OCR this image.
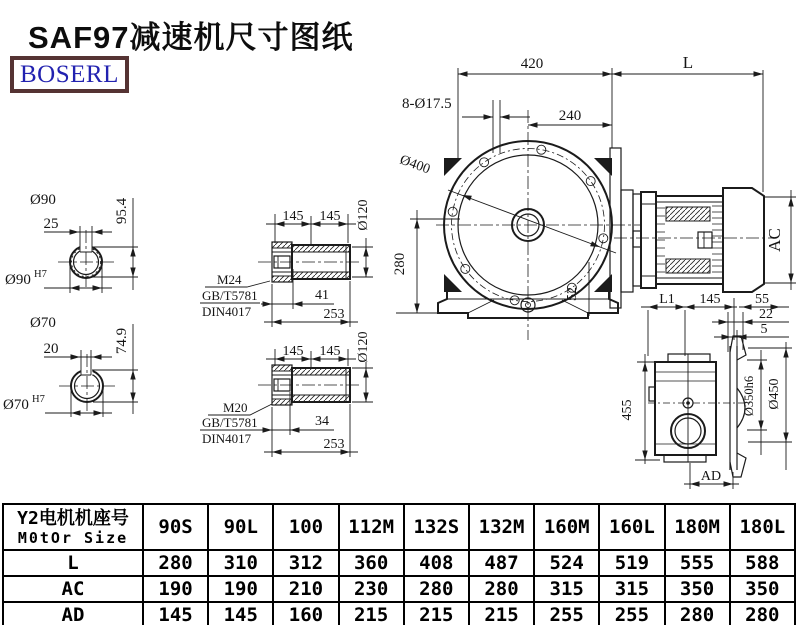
SAF97减速机尺寸图纸
BOSERL
Ø90
25	95.4
Ø90 H7
Ø70
20	74.9
Ø70 H7
145 145 Ø120
M24
GB/T5781
DIN4017
41
253
145 145 Ø120
M20
GB/T5781
DIN4017
34
253
420	L
8-Ø17.5
240
Ø400
280
52
AC
L1 145 55
22
5
455	Ø350h6 Ø450
AD
Y2电机机座号
M0tOr Size	90S	90L	100	112M	132S	132M	160M	160L	180M	180L
L	280	310	312	360	408	487	524	519	555	588
AC	190	190	210	230	280	280	315	315	350	350
AD	145	145	160	215	215	215	255	255	280	280
